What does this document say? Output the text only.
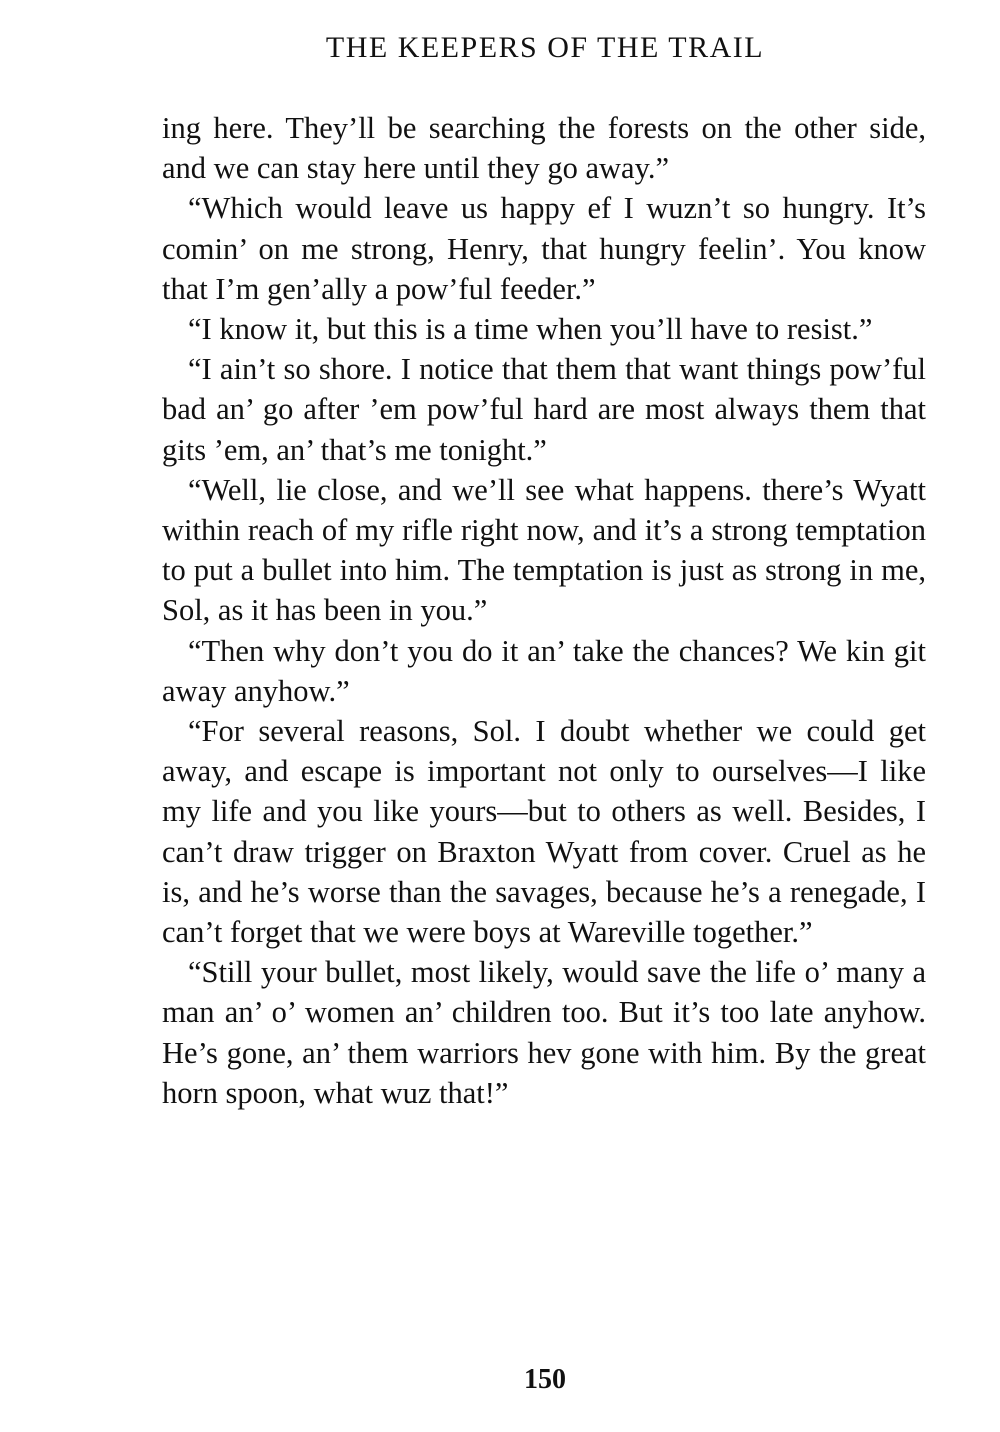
THE KEEPERS OF THE TRAIL

ing here. They’ll be searching the forests on the other side, and we can stay here until they go away.”

“Which would leave us happy ef I wuzn’t so hungry. It’s comin’ on me strong, Henry, that hungry feelin’. You know that I’m gen’ally a pow’ful feeder.”

“I know it, but this is a time when you’ll have to resist.”

“I ain’t so shore. I notice that them that want things pow’ful bad an’ go after ’em pow’ful hard are most always them that gits ’em, an’ that’s me tonight.”

“Well, lie close, and we’ll see what happens. there’s Wyatt within reach of my rifle right now, and it’s a strong temptation to put a bullet into him. The temptation is just as strong in me, Sol, as it has been in you.”

“Then why don’t you do it an’ take the chances? We kin git away anyhow.”

“For several reasons, Sol. I doubt whether we could get away, and escape is important not only to ourselves—I like my life and you like yours—but to others as well. Besides, I can’t draw trigger on Braxton Wyatt from cover. Cruel as he is, and he’s worse than the savages, because he’s a renegade, I can’t forget that we were boys at Wareville together.”

“Still your bullet, most likely, would save the life o’ many a man an’ o’ women an’ children too. But it’s too late anyhow. He’s gone, an’ them warriors hev gone with him. By the great horn spoon, what wuz that!”

150
